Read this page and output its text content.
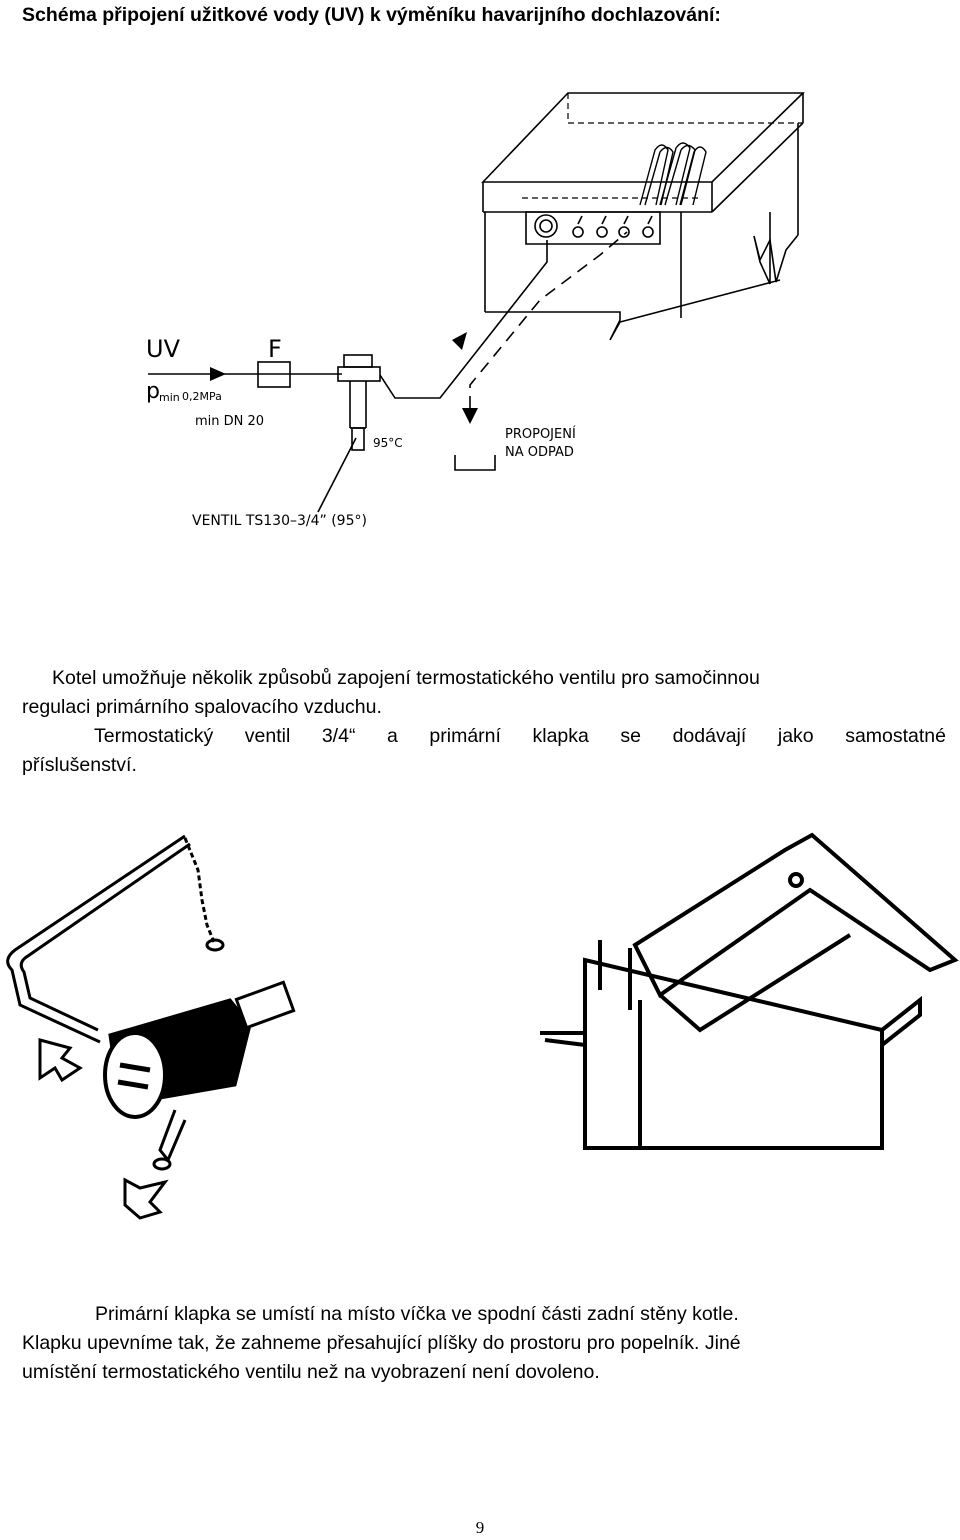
Schéma připojení užitkové vody (UV) k výměníku havarijního dochlazování:
UV	F
p min 0,2MPa
min DN 20
95°C
PROPOJENÍ
NA ODPAD
VENTIL TS130–3/4” (95°)
Kotel umožňuje několik způsobů zapojení termostatického ventilu pro samočinnou
regulaci primárního spalovacího vzduchu.
Termostatický ventil 3/4“ a primární klapka se dodávají jako samostatné
příslušenství.
Primární klapka se umístí na místo víčka ve spodní části zadní stěny kotle.
Klapku upevníme tak, že zahneme přesahující plíšky do prostoru pro popelník. Jiné
umístění termostatického ventilu než na vyobrazení není dovoleno.
9
